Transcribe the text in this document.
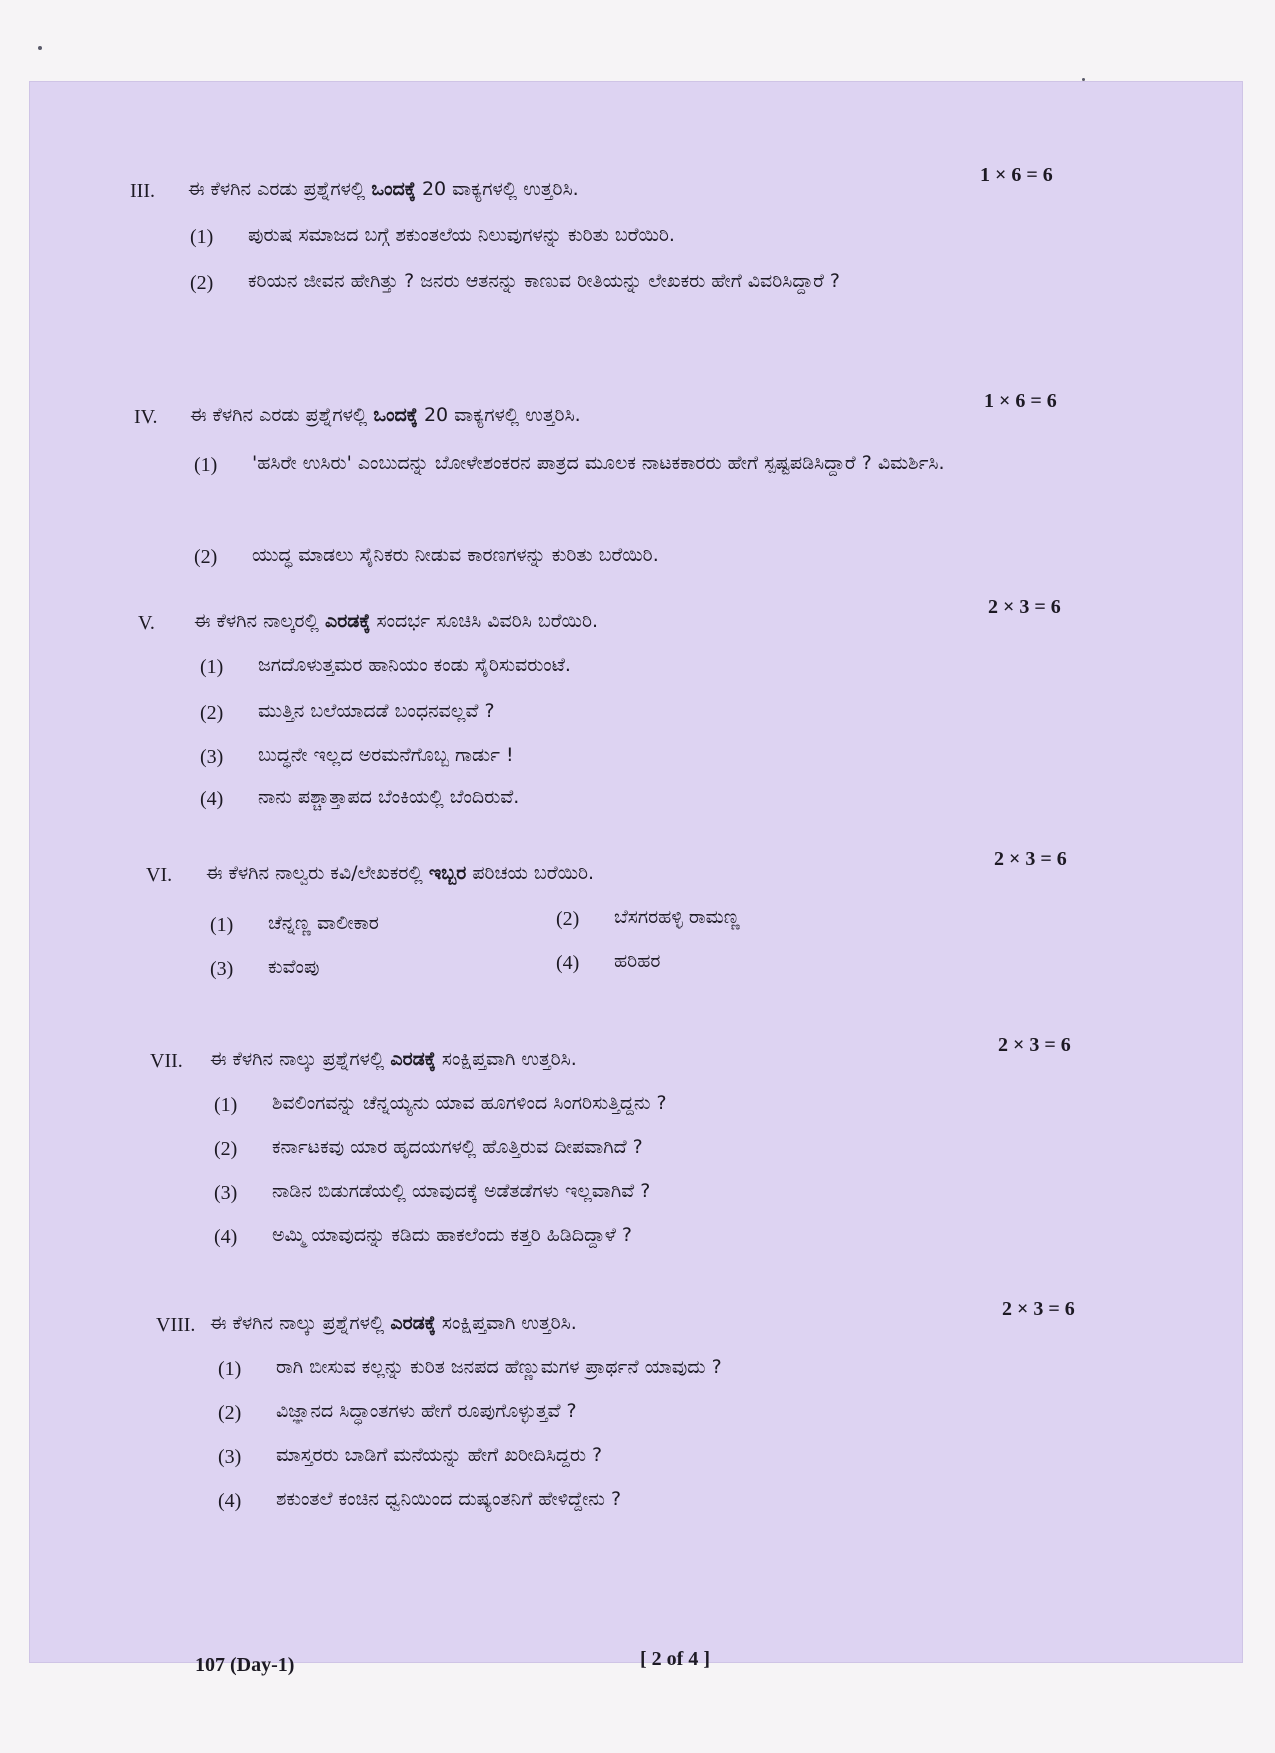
III. ಈ ಕೆಳಗಿನ ಎರಡು ಪ್ರಶ್ನೆಗಳಲ್ಲಿ ಒಂದಕ್ಕೆ 20 ವಾಕ್ಯಗಳಲ್ಲಿ ಉತ್ತರಿಸಿ.
1 × 6 = 6
(1) ಪುರುಷ ಸಮಾಜದ ಬಗ್ಗೆ ಶಕುಂತಲೆಯ ನಿಲುವುಗಳನ್ನು ಕುರಿತು ಬರೆಯಿರಿ.
(2) ಕರಿಯನ ಜೀವನ ಹೇಗಿತ್ತು ? ಜನರು ಆತನನ್ನು ಕಾಣುವ ರೀತಿಯನ್ನು ಲೇಖಕರು ಹೇಗೆ ವಿವರಿಸಿದ್ದಾರೆ ?
IV. ಈ ಕೆಳಗಿನ ಎರಡು ಪ್ರಶ್ನೆಗಳಲ್ಲಿ ಒಂದಕ್ಕೆ 20 ವಾಕ್ಯಗಳಲ್ಲಿ ಉತ್ತರಿಸಿ.
1 × 6 = 6
(1) 'ಹಸಿರೇ ಉಸಿರು' ಎಂಬುದನ್ನು ಬೋಳೇಶಂಕರನ ಪಾತ್ರದ ಮೂಲಕ ನಾಟಕಕಾರರು ಹೇಗೆ ಸ್ಪಷ್ಟಪಡಿಸಿದ್ದಾರೆ ? ವಿಮರ್ಶಿಸಿ.
(2) ಯುದ್ಧ ಮಾಡಲು ಸೈನಿಕರು ನೀಡುವ ಕಾರಣಗಳನ್ನು ಕುರಿತು ಬರೆಯಿರಿ.
V. ಈ ಕೆಳಗಿನ ನಾಲ್ಕರಲ್ಲಿ ಎರಡಕ್ಕೆ ಸಂದರ್ಭ ಸೂಚಿಸಿ ವಿವರಿಸಿ ಬರೆಯಿರಿ.
2 × 3 = 6
(1) ಜಗದೊಳುತ್ತಮರ ಹಾನಿಯಂ ಕಂಡು ಸೈರಿಸುವರುಂಟೆ.
(2) ಮುತ್ತಿನ ಬಲೆಯಾದಡೆ ಬಂಧನವಲ್ಲವೆ ?
(3) ಬುದ್ಧನೇ ಇಲ್ಲದ ಅರಮನೆಗೊಬ್ಬ ಗಾರ್ಡು !
(4) ನಾನು ಪಶ್ಚಾತ್ತಾಪದ ಬೆಂಕಿಯಲ್ಲಿ ಬೆಂದಿರುವೆ.
VI. ಈ ಕೆಳಗಿನ ನಾಲ್ವರು ಕವಿ/ಲೇಖಕರಲ್ಲಿ ಇಬ್ಬರ ಪರಿಚಯ ಬರೆಯಿರಿ.
2 × 3 = 6
(1) ಚೆನ್ನಣ್ಣ ವಾಲೀಕಾರ	(2) ಬೆಸಗರಹಳ್ಳಿ ರಾಮಣ್ಣ
(3) ಕುವೆಂಪು	(4) ಹರಿಹರ
VII. ಈ ಕೆಳಗಿನ ನಾಲ್ಕು ಪ್ರಶ್ನೆಗಳಲ್ಲಿ ಎರಡಕ್ಕೆ ಸಂಕ್ಷಿಪ್ತವಾಗಿ ಉತ್ತರಿಸಿ.
2 × 3 = 6
(1) ಶಿವಲಿಂಗವನ್ನು ಚೆನ್ನಯ್ಯನು ಯಾವ ಹೂಗಳಿಂದ ಸಿಂಗರಿಸುತ್ತಿದ್ದನು ?
(2) ಕರ್ನಾಟಕವು ಯಾರ ಹೃದಯಗಳಲ್ಲಿ ಹೊತ್ತಿರುವ ದೀಪವಾಗಿದೆ ?
(3) ನಾಡಿನ ಬಿಡುಗಡೆಯಲ್ಲಿ ಯಾವುದಕ್ಕೆ ಅಡೆತಡೆಗಳು ಇಲ್ಲವಾಗಿವೆ ?
(4) ಅಮ್ಮಿ ಯಾವುದನ್ನು ಕಡಿದು ಹಾಕಲೆಂದು ಕತ್ತರಿ ಹಿಡಿದಿದ್ದಾಳೆ ?
VIII. ಈ ಕೆಳಗಿನ ನಾಲ್ಕು ಪ್ರಶ್ನೆಗಳಲ್ಲಿ ಎರಡಕ್ಕೆ ಸಂಕ್ಷಿಪ್ತವಾಗಿ ಉತ್ತರಿಸಿ.
2 × 3 = 6
(1) ರಾಗಿ ಬೀಸುವ ಕಲ್ಲನ್ನು ಕುರಿತ ಜನಪದ ಹೆಣ್ಣುಮಗಳ ಪ್ರಾರ್ಥನೆ ಯಾವುದು ?
(2) ವಿಜ್ಞಾನದ ಸಿದ್ಧಾಂತಗಳು ಹೇಗೆ ರೂಪುಗೊಳ್ಳುತ್ತವೆ ?
(3) ಮಾಸ್ತರರು ಬಾಡಿಗೆ ಮನೆಯನ್ನು ಹೇಗೆ ಖರೀದಿಸಿದ್ದರು ?
(4) ಶಕುಂತಲೆ ಕಂಚಿನ ಧ್ವನಿಯಿಂದ ದುಷ್ಯಂತನಿಗೆ ಹೇಳಿದ್ದೇನು ?
107 (Day-1)	[ 2 of 4 ]
